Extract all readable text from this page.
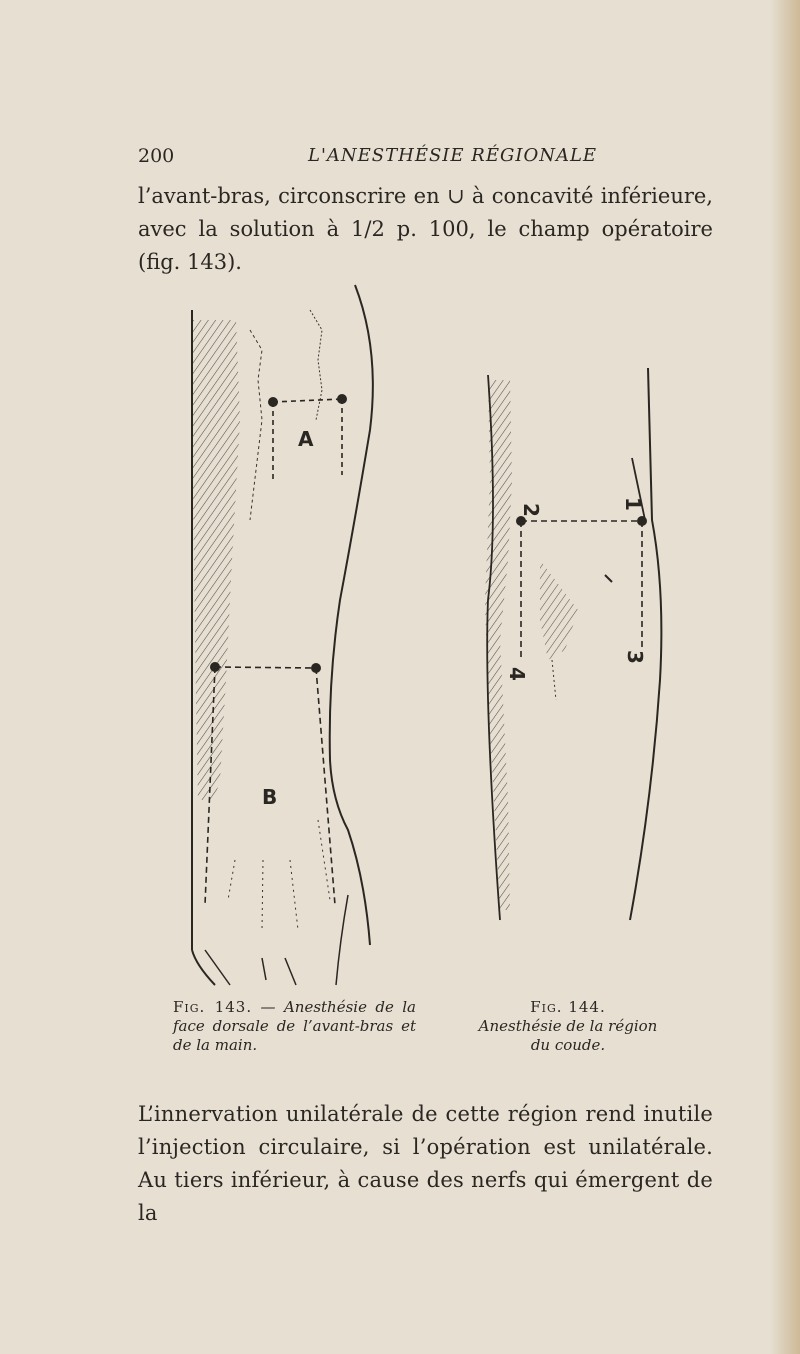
200	L'ANESTHÉSIE RÉGIONALE
l’avant-bras, circonscrire en ∪ à concavité inférieure, avec la solution à 1/2 p. 100, le champ opératoire (fig. 143).
A
B
2	1
4
3
Fig. 143. — Anesthésie de la face dorsale de l’avant-bras et de la main.
Fig. 144.
Anesthésie de la région du coude.
L’innervation unilatérale de cette région rend inutile l’injection circulaire, si l’opération est unilatérale. Au tiers inférieur, à cause des nerfs qui émergent de la
